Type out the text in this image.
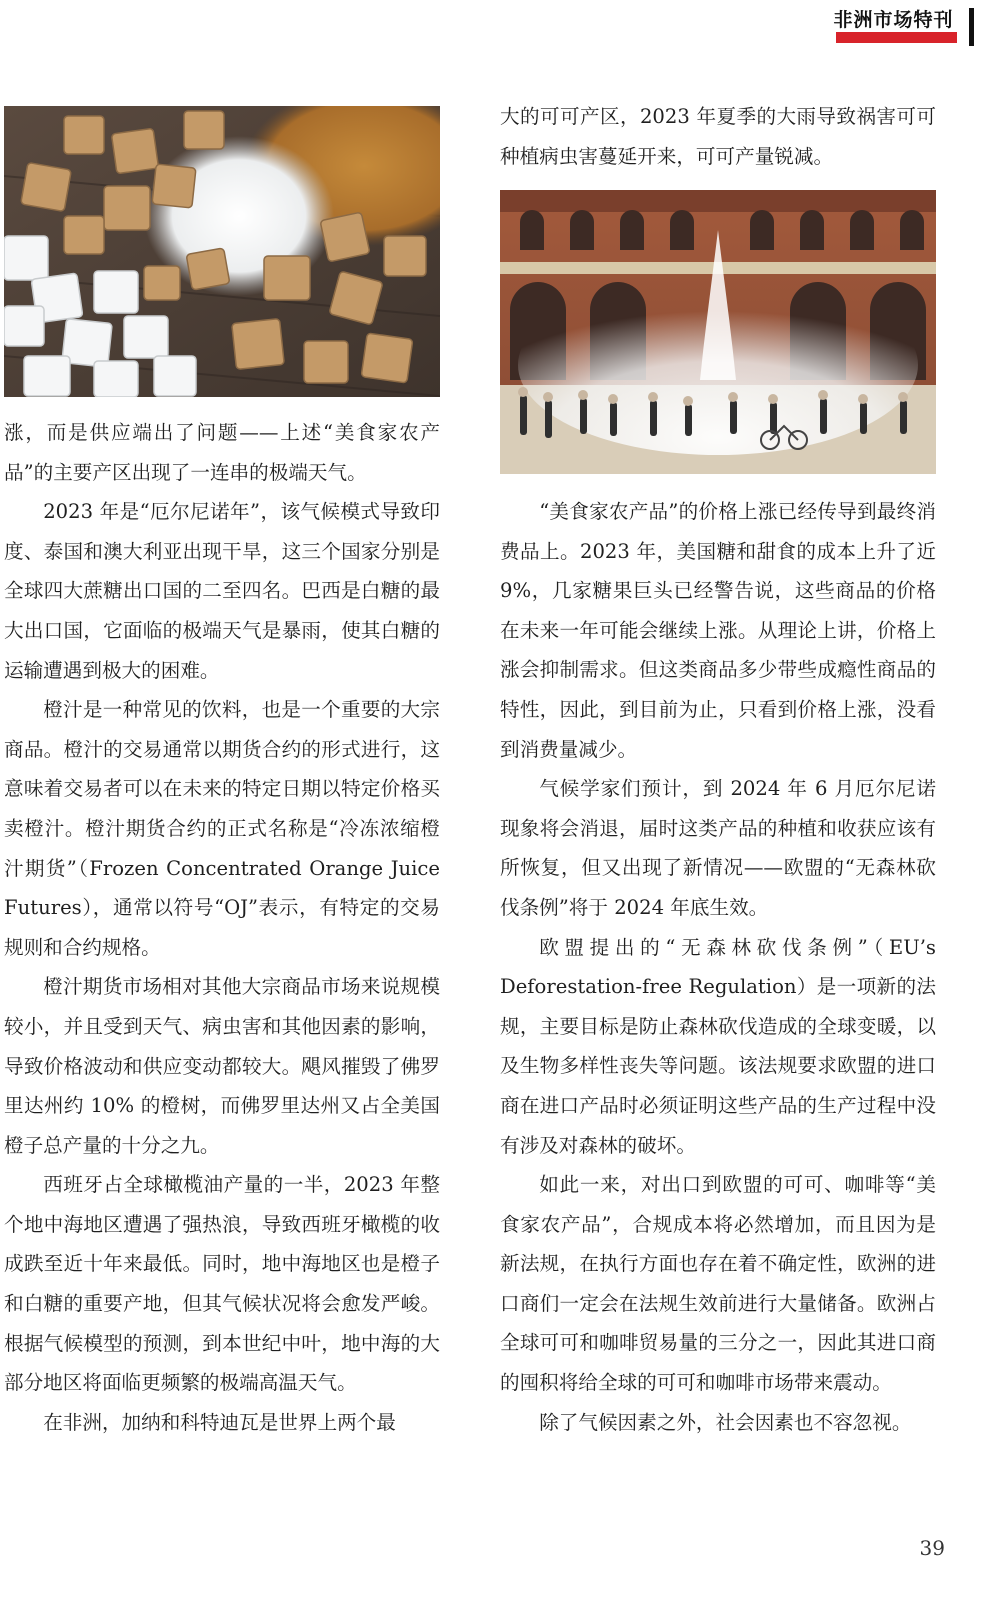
非洲市场特刊

涨，而是供应端出了问题——上述“美食家农产品”的主要产区出现了一连串的极端天气。

2023 年是“厄尔尼诺年”，该气候模式导致印度、泰国和澳大利亚出现干旱，这三个国家分别是全球四大蔗糖出口国的二至四名。巴西是白糖的最大出口国，它面临的极端天气是暴雨，使其白糖的运输遭遇到极大的困难。

橙汁是一种常见的饮料，也是一个重要的大宗商品。橙汁的交易通常以期货合约的形式进行，这意味着交易者可以在未来的特定日期以特定价格买卖橙汁。橙汁期货合约的正式名称是“冷冻浓缩橙汁期货”（Frozen Concentrated Orange Juice Futures），通常以符号“OJ”表示，有特定的交易规则和合约规格。

橙汁期货市场相对其他大宗商品市场来说规模较小，并且受到天气、病虫害和其他因素的影响，导致价格波动和供应变动都较大。飓风摧毁了佛罗里达州约 10% 的橙树，而佛罗里达州又占全美国橙子总产量的十分之九。

西班牙占全球橄榄油产量的一半，2023 年整个地中海地区遭遇了强热浪，导致西班牙橄榄的收成跌至近十年来最低。同时，地中海地区也是橙子和白糖的重要产地，但其气候状况将会愈发严峻。根据气候模型的预测，到本世纪中叶，地中海的大部分地区将面临更频繁的极端高温天气。

在非洲，加纳和科特迪瓦是世界上两个最

大的可可产区，2023 年夏季的大雨导致祸害可可种植病虫害蔓延开来，可可产量锐减。

“美食家农产品”的价格上涨已经传导到最终消费品上。2023 年，美国糖和甜食的成本上升了近 9%，几家糖果巨头已经警告说，这些商品的价格在未来一年可能会继续上涨。从理论上讲，价格上涨会抑制需求。但这类商品多少带些成瘾性商品的特性，因此，到目前为止，只看到价格上涨，没看到消费量减少。

气候学家们预计，到 2024 年 6 月厄尔尼诺现象将会消退，届时这类产品的种植和收获应该有所恢复，但又出现了新情况——欧盟的“无森林砍伐条例”将于 2024 年底生效。

欧盟提出的“无森林砍伐条例”（EU’s Deforestation-free Regulation）是一项新的法规，主要目标是防止森林砍伐造成的全球变暖，以及生物多样性丧失等问题。该法规要求欧盟的进口商在进口产品时必须证明这些产品的生产过程中没有涉及对森林的破坏。

如此一来，对出口到欧盟的可可、咖啡等“美食家农产品”，合规成本将必然增加，而且因为是新法规，在执行方面也存在着不确定性，欧洲的进口商们一定会在法规生效前进行大量储备。欧洲占全球可可和咖啡贸易量的三分之一，因此其进口商的囤积将给全球的可可和咖啡市场带来震动。

除了气候因素之外，社会因素也不容忽视。

39
